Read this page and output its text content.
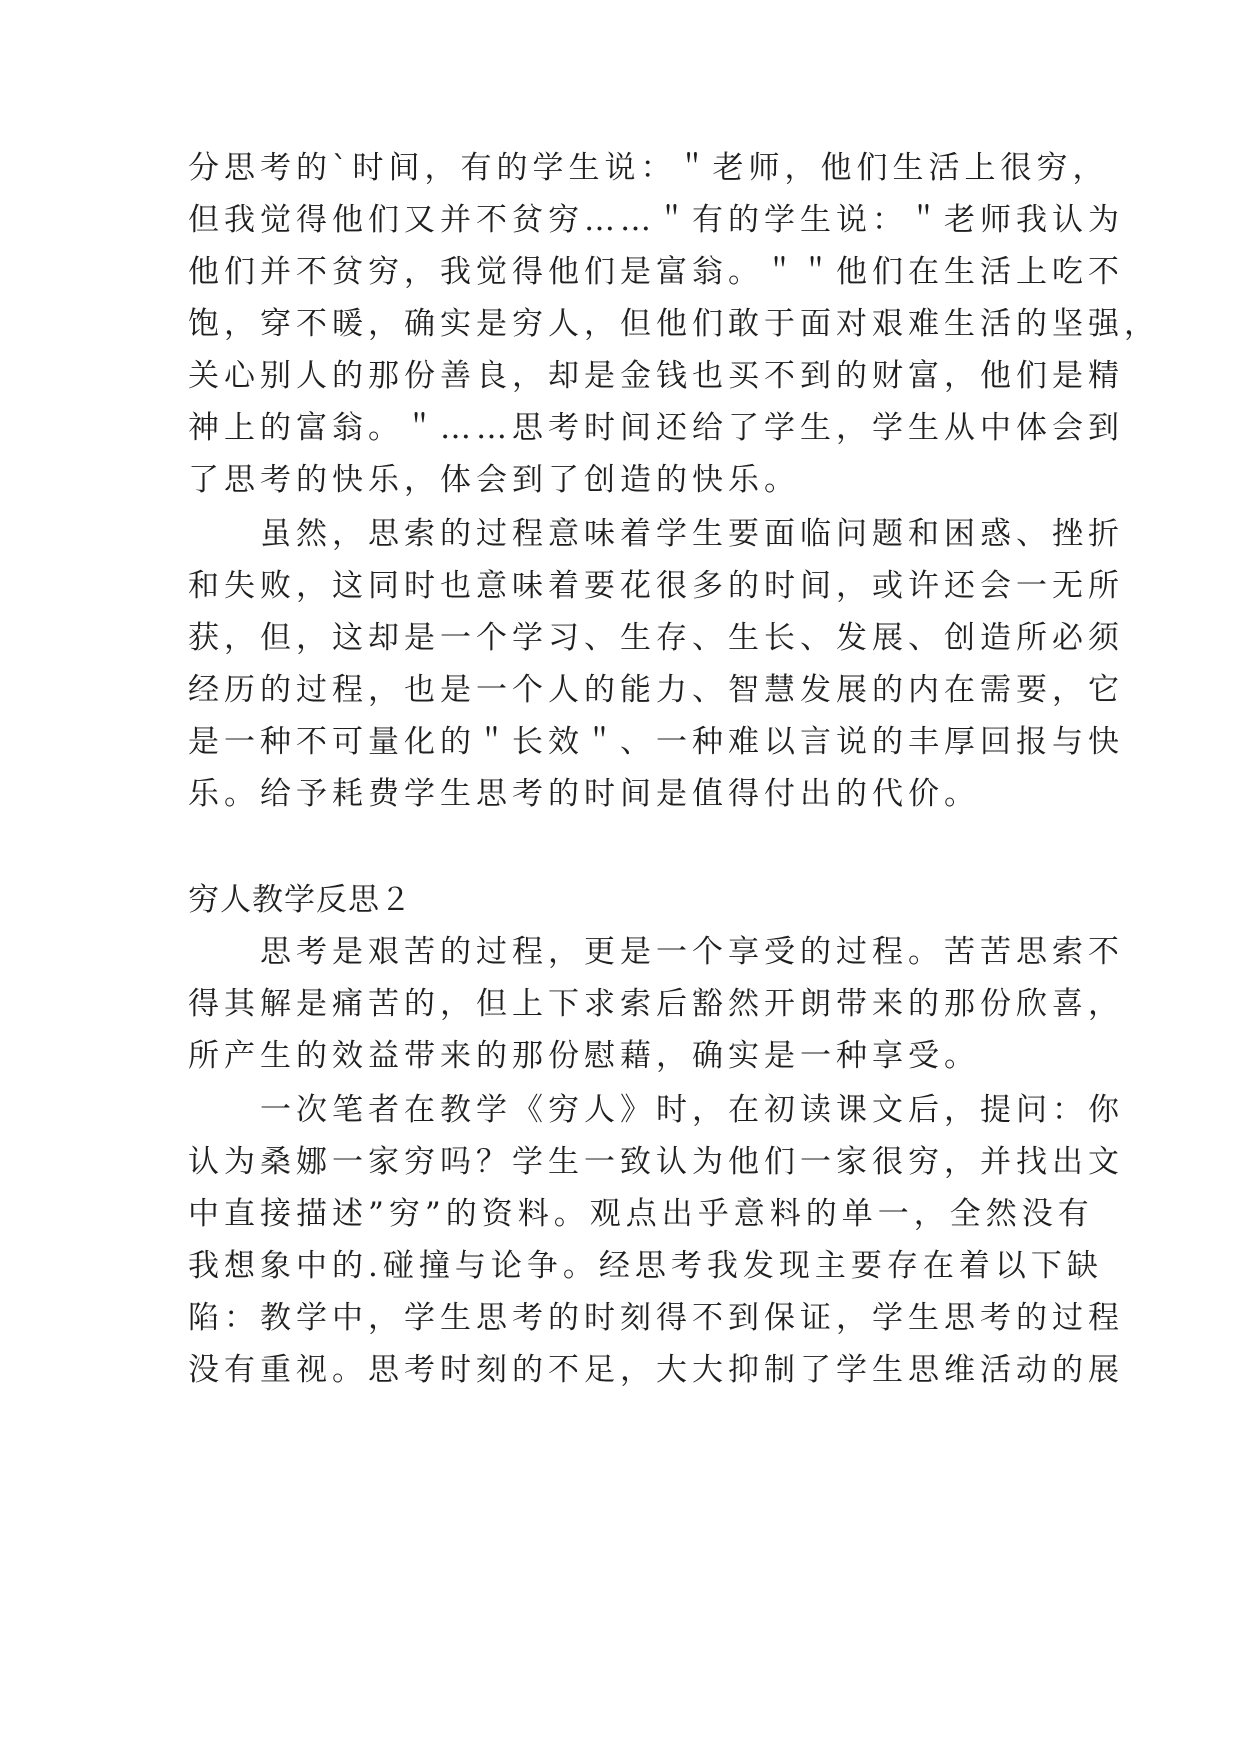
分思考的`时间，有的学生说：＂老师，他们生活上很穷，
但我觉得他们又并不贫穷……＂有的学生说：＂老师我认为
他们并不贫穷，我觉得他们是富翁。＂＂他们在生活上吃不
饱，穿不暖，确实是穷人，但他们敢于面对艰难生活的坚强，
关心别人的那份善良，却是金钱也买不到的财富，他们是精
神上的富翁。＂……思考时间还给了学生，学生从中体会到
了思考的快乐，体会到了创造的快乐。
　　虽然，思索的过程意味着学生要面临问题和困惑、挫折
和失败，这同时也意味着要花很多的时间，或许还会一无所
获，但，这却是一个学习、生存、生长、发展、创造所必须
经历的过程，也是一个人的能力、智慧发展的内在需要，它
是一种不可量化的＂长效＂、一种难以言说的丰厚回报与快
乐。给予耗费学生思考的时间是值得付出的代价。
穷人教学反思２
　　思考是艰苦的过程，更是一个享受的过程。苦苦思索不
得其解是痛苦的，但上下求索后豁然开朗带来的那份欣喜，
所产生的效益带来的那份慰藉，确实是一种享受。
　　一次笔者在教学《穷人》时，在初读课文后，提问：你
认为桑娜一家穷吗？学生一致认为他们一家很穷，并找出文
中直接描述”穷”的资料。观点出乎意料的单一，全然没有
我想象中的.碰撞与论争。经思考我发现主要存在着以下缺
陷：教学中，学生思考的时刻得不到保证，学生思考的过程
没有重视。思考时刻的不足，大大抑制了学生思维活动的展
